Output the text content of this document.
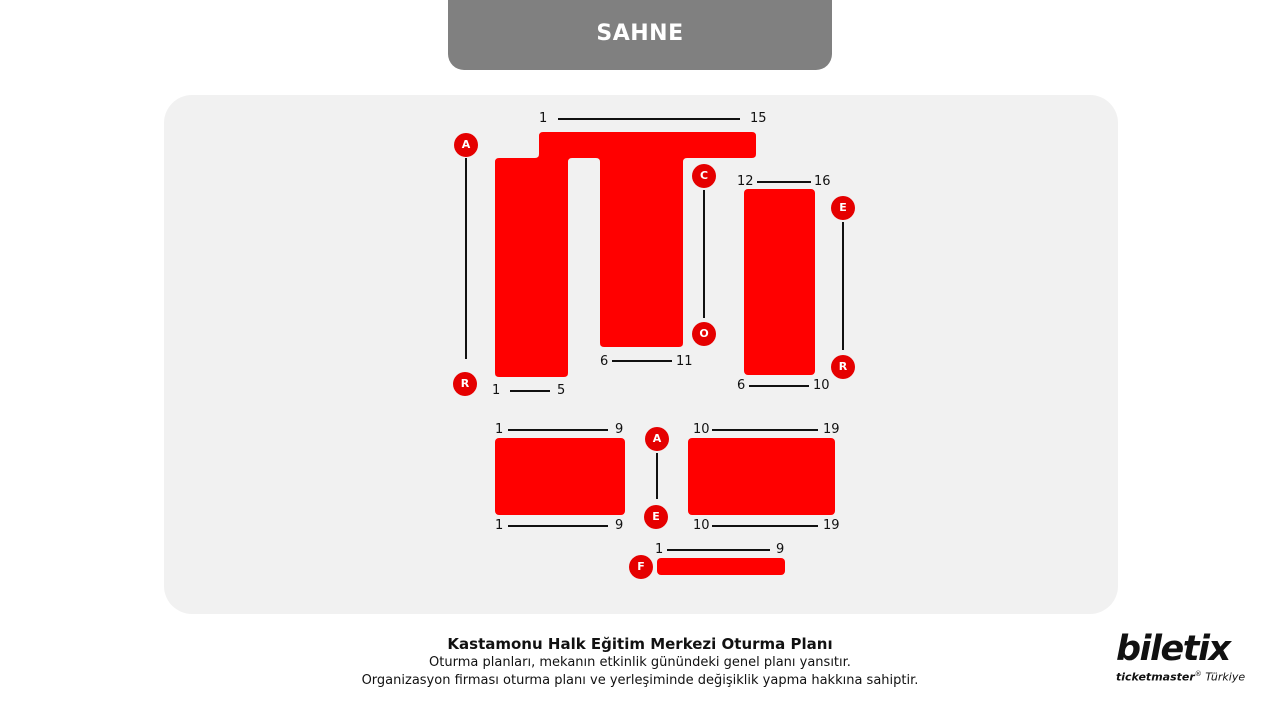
SAHNE
1	15
A
R	1	5
C
O
6	11
12	16
6	10
E
R
1	9
1	9
A
E
10	19
10	19
1	9
F
Kastamonu Halk Eğitim Merkezi Oturma Planı
Oturma planları, mekanın etkinlik günündeki genel planı yansıtır.
Organizasyon firması oturma planı ve yerleşiminde değişiklik yapma hakkına sahiptir.
biletix
ticketmaster® Türkiye
